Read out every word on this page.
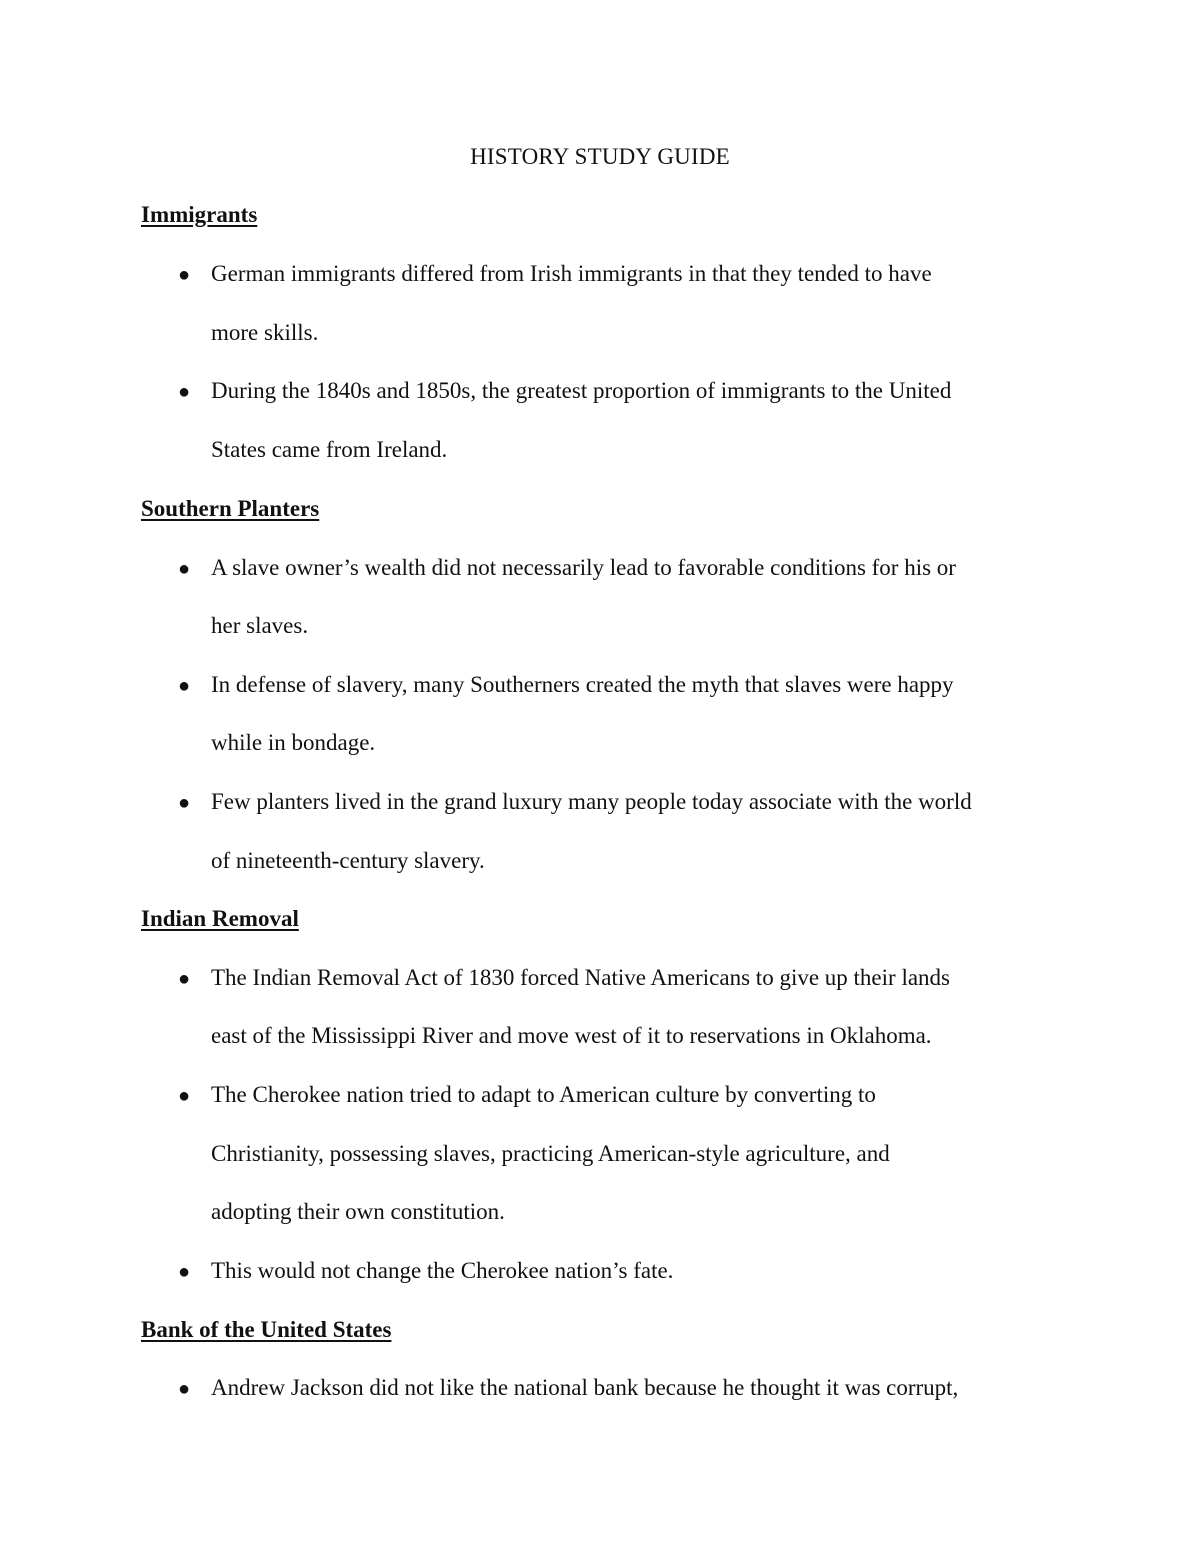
HISTORY STUDY GUIDE
Immigrants
● German immigrants differed from Irish immigrants in that they tended to have
more skills.
● During the 1840s and 1850s, the greatest proportion of immigrants to the United
States came from Ireland.
Southern Planters
● A slave owner’s wealth did not necessarily lead to favorable conditions for his or
her slaves.
● In defense of slavery, many Southerners created the myth that slaves were happy
while in bondage.
● Few planters lived in the grand luxury many people today associate with the world
of nineteenth-century slavery.
Indian Removal
● The Indian Removal Act of 1830 forced Native Americans to give up their lands
east of the Mississippi River and move west of it to reservations in Oklahoma.
● The Cherokee nation tried to adapt to American culture by converting to
Christianity, possessing slaves, practicing American-style agriculture, and
adopting their own constitution.
● This would not change the Cherokee nation’s fate.
Bank of the United States
● Andrew Jackson did not like the national bank because he thought it was corrupt,
